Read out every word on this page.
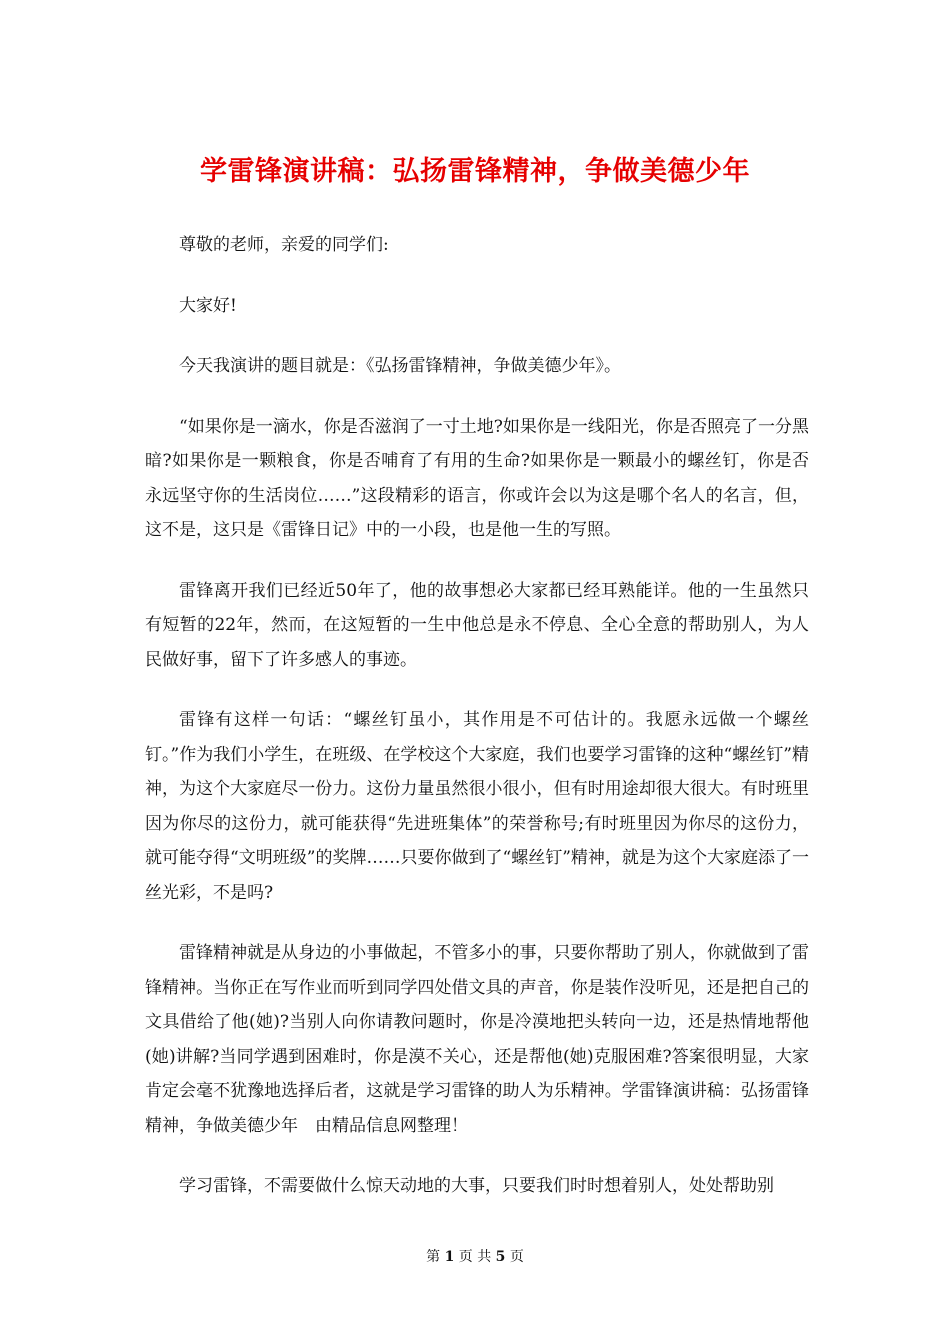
学雷锋演讲稿：弘扬雷锋精神，争做美德少年

尊敬的老师，亲爱的同学们:

大家好!

今天我演讲的题目就是：《弘扬雷锋精神，争做美德少年》。

“如果你是一滴水，你是否滋润了一寸土地?如果你是一线阳光，你是否照亮了一分黑暗?如果你是一颗粮食，你是否哺育了有用的生命?如果你是一颗最小的螺丝钉，你是否永远坚守你的生活岗位……”这段精彩的语言，你或许会以为这是哪个名人的名言，但，这不是，这只是《雷锋日记》中的一小段，也是他一生的写照。

雷锋离开我们已经近50年了，他的故事想必大家都已经耳熟能详。他的一生虽然只有短暂的22年，然而，在这短暂的一生中他总是永不停息、全心全意的帮助别人，为人民做好事，留下了许多感人的事迹。

雷锋有这样一句话：“螺丝钉虽小，其作用是不可估计的。我愿永远做一个螺丝钉。”作为我们小学生，在班级、在学校这个大家庭，我们也要学习雷锋的这种“螺丝钉”精神，为这个大家庭尽一份力。这份力量虽然很小很小，但有时用途却很大很大。有时班里因为你尽的这份力，就可能获得“先进班集体”的荣誉称号;有时班里因为你尽的这份力，就可能夺得“文明班级”的奖牌……只要你做到了“螺丝钉”精神，就是为这个大家庭添了一丝光彩，不是吗?

雷锋精神就是从身边的小事做起，不管多小的事，只要你帮助了别人，你就做到了雷锋精神。当你正在写作业而听到同学四处借文具的声音，你是装作没听见，还是把自己的文具借给了他(她)?当别人向你请教问题时，你是冷漠地把头转向一边，还是热情地帮他(她)讲解?当同学遇到困难时，你是漠不关心，还是帮他(她)克服困难?答案很明显，大家肯定会毫不犹豫地选择后者，这就是学习雷锋的助人为乐精神。学雷锋演讲稿：弘扬雷锋精神，争做美德少年　由精品信息网整理！

学习雷锋，不需要做什么惊天动地的大事，只要我们时时想着别人，处处帮助别

第 1 页 共 5 页
